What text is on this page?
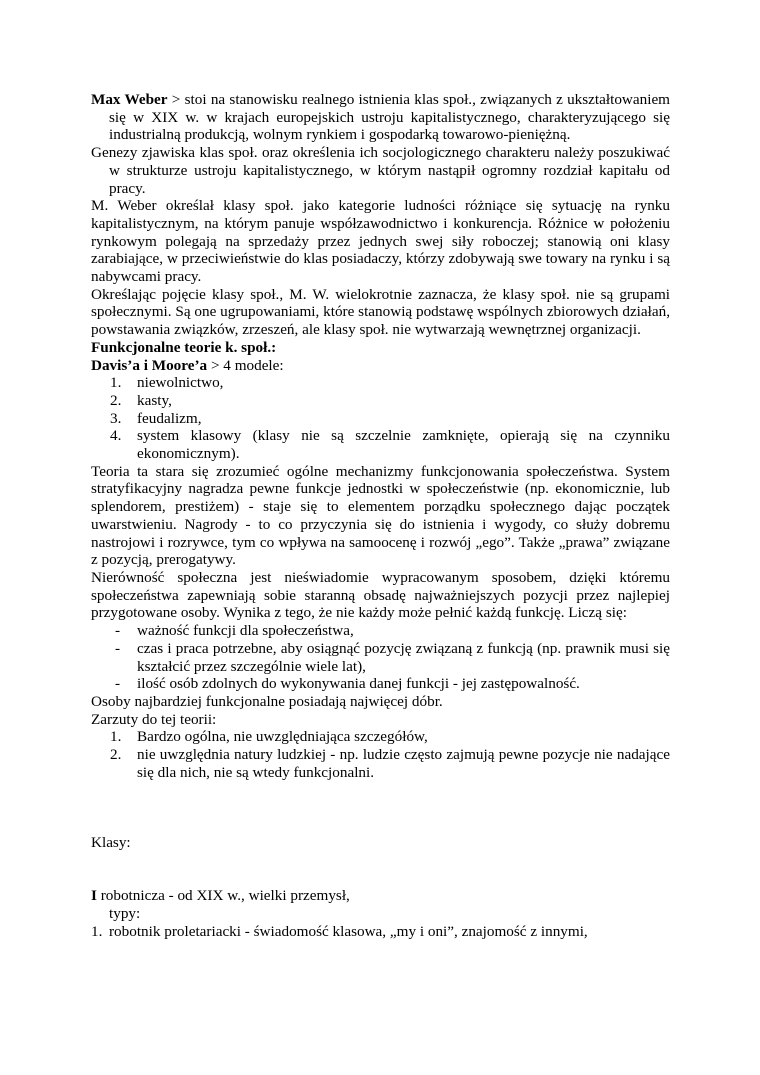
Max Weber > stoi na stanowisku realnego istnienia klas społ., związanych z ukształtowaniem się w XIX w. w krajach europejskich ustroju kapitalistycznego, charakteryzującego się industrialną produkcją, wolnym rynkiem i gospodarką towarowo-pieniężną.

Genezy zjawiska klas społ. oraz określenia ich socjologicznego charakteru należy poszukiwać w strukturze ustroju kapitalistycznego, w którym nastąpił ogromny rozdział kapitału od pracy.

M. Weber określał klasy społ. jako kategorie ludności różniące się sytuację na rynku kapitalistycznym, na którym panuje współzawodnictwo i konkurencja. Różnice w położeniu rynkowym polegają na sprzedaży przez jednych swej siły roboczej; stanowią oni klasy zarabiające, w przeciwieństwie do klas posiadaczy, którzy zdobywają swe towary na rynku i są nabywcami pracy.

Określając pojęcie klasy społ., M. W. wielokrotnie zaznacza, że klasy społ. nie są grupami społecznymi. Są one ugrupowaniami, które stanowią podstawę wspólnych zbiorowych działań, powstawania związków, zrzeszeń, ale klasy społ. nie wytwarzają wewnętrznej organizacji.

Funkcjonalne teorie k. społ.:

Davis’a i Moore’a > 4 modele:

1. niewolnictwo,
2. kasty,
3. feudalizm,
4. system klasowy (klasy nie są szczelnie zamknięte, opierają się na czynniku ekonomicznym).

Teoria ta stara się zrozumieć ogólne mechanizmy funkcjonowania społeczeństwa. System stratyfikacyjny nagradza pewne funkcje jednostki w społeczeństwie (np. ekonomicznie, lub splendorem, prestiżem) - staje się to elementem porządku społecznego dając początek uwarstwieniu. Nagrody - to co przyczynia się do istnienia i wygody, co służy dobremu nastrojowi i rozrywce, tym co wpływa na samoocenę i rozwój „ego”. Także „prawa” związane z pozycją, prerogatywy.

Nierówność społeczna jest nieświadomie wypracowanym sposobem, dzięki któremu społeczeństwa zapewniają sobie staranną obsadę najważniejszych pozycji przez najlepiej przygotowane osoby. Wynika z tego, że nie każdy może pełnić każdą funkcję. Liczą się:

- ważność funkcji dla społeczeństwa,
- czas i praca potrzebne, aby osiągnąć pozycję związaną z funkcją (np. prawnik musi się kształcić przez szczególnie wiele lat),
- ilość osób zdolnych do wykonywania danej funkcji - jej zastępowalność.

Osoby najbardziej funkcjonalne posiadają najwięcej dóbr.

Zarzuty do tej teorii:

1. Bardzo ogólna, nie uwzględniająca szczegółów,
2. nie uwzględnia natury ludzkiej - np. ludzie często zajmują pewne pozycje nie nadające się dla nich, nie są wtedy funkcjonalni.

Klasy:

I robotnicza - od XIX w., wielki przemysł,

typy:

1. robotnik proletariacki - świadomość klasowa, „my i oni”, znajomość z innymi,
